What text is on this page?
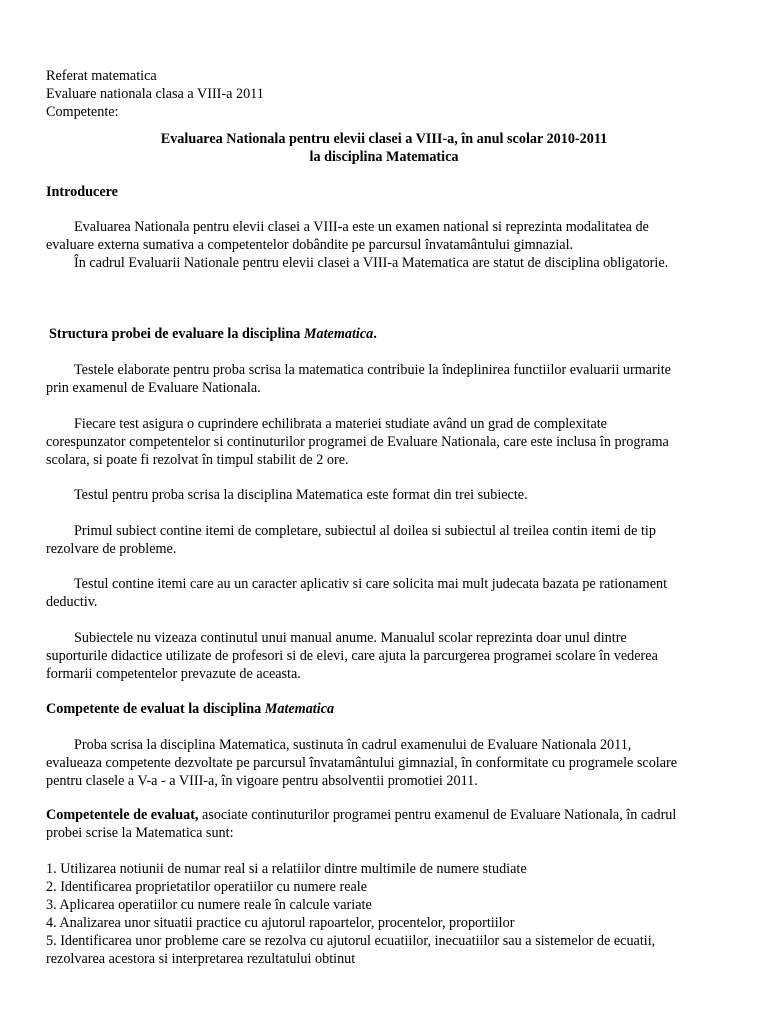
Referat matematica
Evaluare nationala clasa a VIII-a 2011
Competente:
Evaluarea Nationala pentru elevii clasei a VIII-a, în anul scolar 2010-2011
la disciplina Matematica
Introducere
Evaluarea Nationala pentru elevii clasei a VIII-a este un examen national si reprezinta modalitatea de
evaluare externa sumativa a competentelor dobândite pe parcursul învatamântului gimnazial.
În cadrul Evaluarii Nationale pentru elevii clasei a VIII-a Matematica are statut de disciplina obligatorie.
Structura probei de evaluare la disciplina Matematica.
Testele elaborate pentru proba scrisa la matematica contribuie la îndeplinirea functiilor evaluarii urmarite
prin examenul de Evaluare Nationala.
Fiecare test asigura o cuprindere echilibrata a materiei studiate având un grad de complexitate
corespunzator competentelor si continuturilor programei de Evaluare Nationala, care este inclusa în programa
scolara, si poate fi rezolvat în timpul stabilit de 2 ore.
Testul pentru proba scrisa la disciplina Matematica este format din trei subiecte.
Primul subiect contine itemi de completare, subiectul al doilea si subiectul al treilea contin itemi de tip
rezolvare de probleme.
Testul contine itemi care au un caracter aplicativ si care solicita mai mult judecata bazata pe rationament
deductiv.
Subiectele nu vizeaza continutul unui manual anume. Manualul scolar reprezinta doar unul dintre
suporturile didactice utilizate de profesori si de elevi, care ajuta la parcurgerea programei scolare în vederea
formarii competentelor prevazute de aceasta.
Competente de evaluat la disciplina Matematica
Proba scrisa la disciplina Matematica, sustinuta în cadrul examenului de Evaluare Nationala 2011,
evalueaza competente dezvoltate pe parcursul învatamântului gimnazial, în conformitate cu programele scolare
pentru clasele a V-a - a VIII-a, în vigoare pentru absolventii promotiei 2011.
Competentele de evaluat, asociate continuturilor programei pentru examenul de Evaluare Nationala, în cadrul
probei scrise la Matematica sunt:
1. Utilizarea notiunii de numar real si a relatiilor dintre multimile de numere studiate
2. Identificarea proprietatilor operatiilor cu numere reale
3. Aplicarea operatiilor cu numere reale în calcule variate
4. Analizarea unor situatii practice cu ajutorul rapoartelor, procentelor, proportiilor
5. Identificarea unor probleme care se rezolva cu ajutorul ecuatiilor, inecuatiilor sau a sistemelor de ecuatii,
rezolvarea acestora si interpretarea rezultatului obtinut
